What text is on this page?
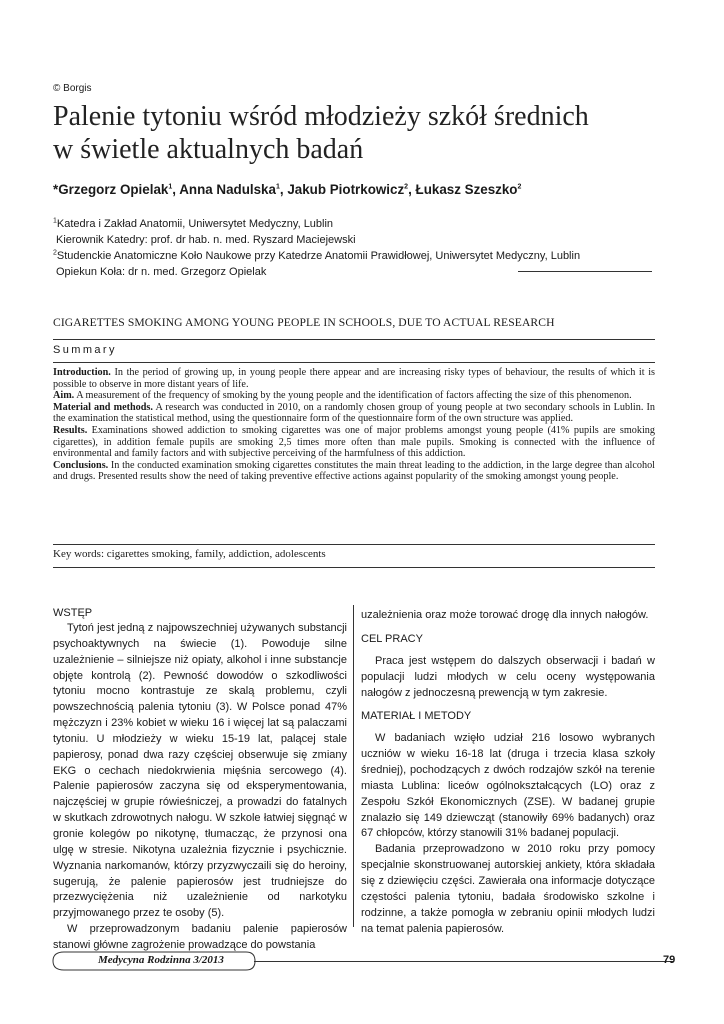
© Borgis
Palenie tytoniu wśród młodzieży szkół średnich
w świetle aktualnych badań
*Grzegorz Opielak$^1$, Anna Nadulska$^1$, Jakub Piotrkowicz$^2$, Łukasz Szeszko$^2$
$^1$Katedra i Zakład Anatomii, Uniwersytet Medyczny, Lublin
Kierownik Katedry: prof. dr hab. n. med. Ryszard Maciejewski
$^2$Studenckie Anatomiczne Koło Naukowe przy Katedrze Anatomii Prawidłowej, Uniwersytet Medyczny, Lublin
Opiekun Koła: dr n. med. Grzegorz Opielak
CIGARETTES SMOKING AMONG YOUNG PEOPLE IN SCHOOLS, DUE TO ACTUAL RESEARCH
Summary

Introduction. In the period of growing up, in young people there appear and are increasing risky types of behaviour, the results of which it is possible to observe in more distant years of life.

Aim. A measurement of the frequency of smoking by the young people and the identification of factors affecting the size of this phenomenon.

Material and methods. A research was conducted in 2010, on a randomly chosen group of young people at two secondary schools in Lublin. In the examination the statistical method, using the questionnaire form of the questionnaire form of the own structure was applied.

Results. Examinations showed addiction to smoking cigarettes was one of major problems amongst young people (41% pupils are smoking cigarettes), in addition female pupils are smoking 2,5 times more often than male pupils. Smoking is connected with the influence of environmental and family factors and with subjective perceiving of the harmfulness of this addiction.

Conclusions. In the conducted examination smoking cigarettes constitutes the main threat leading to the addiction, in the large degree than alcohol and drugs. Presented results show the need of taking preventive effective actions against popularity of the smoking amongst young people.

Key words: cigarettes smoking, family, addiction, adolescents
WSTĘP

Tytoń jest jedną z najpowszechniej używanych substancji psychoaktywnych na świecie (1). Powoduje silne uzależnienie – silniejsze niż opiaty, alkohol i inne substancje objęte kontrolą (2). Pewność dowodów o szkodliwości tytoniu mocno kontrastuje ze skalą problemu, czyli powszechnością palenia tytoniu (3). W Polsce ponad 47% mężczyzn i 23% kobiet w wieku 16 i więcej lat są palaczami tytoniu. U młodzieży w wieku 15-19 lat, palącej stale papierosy, ponad dwa razy częściej obserwuje się zmiany EKG o cechach niedokrwienia mięśnia sercowego (4). Palenie papierosów zaczyna się od eksperymentowania, najczęściej w grupie rówieśniczej, a prowadzi do fatalnych w skutkach zdrowotnych nałogu. W szkole łatwiej sięgnąć w gronie kolegów po nikotynę, tłumacząc, że przynosi ona ulgę w stresie. Nikotyna uzależnia fizycznie i psychicznie. Wyznania narkomanów, którzy przyzwyczaili się do heroiny, sugerują, że palenie papierosów jest trudniejsze do przezwyciężenia niż uzależnienie od narkotyku przyjmowanego przez te osoby (5).

W przeprowadzonym badaniu palenie papierosów stanowi główne zagrożenie prowadzące do powstania

uzależnienia oraz może torować drogę dla innych nałogów.

CEL PRACY

Praca jest wstępem do dalszych obserwacji i badań w populacji ludzi młodych w celu oceny występowania nałogów z jednoczesną prewencją w tym zakresie.

MATERIAŁ I METODY

W badaniach wzięło udział 216 losowo wybranych uczniów w wieku 16-18 lat (druga i trzecia klasa szkoły średniej), pochodzących z dwóch rodzajów szkół na terenie miasta Lublina: liceów ogólnokształcących (LO) oraz z Zespołu Szkół Ekonomicznych (ZSE). W badanej grupie znalazło się 149 dziewcząt (stanowiły 69% badanych) oraz 67 chłopców, którzy stanowili 31% badanej populacji.

Badania przeprowadzono w 2010 roku przy pomocy specjalnie skonstruowanej autorskiej ankiety, która składała się z dziewięciu części. Zawierała ona informacje dotyczące częstości palenia tytoniu, badała środowisko szkolne i rodzinne, a także pomogła w zebraniu opinii młodych ludzi na temat palenia papierosów.

Medycyna Rodzinna 3/2013	79
